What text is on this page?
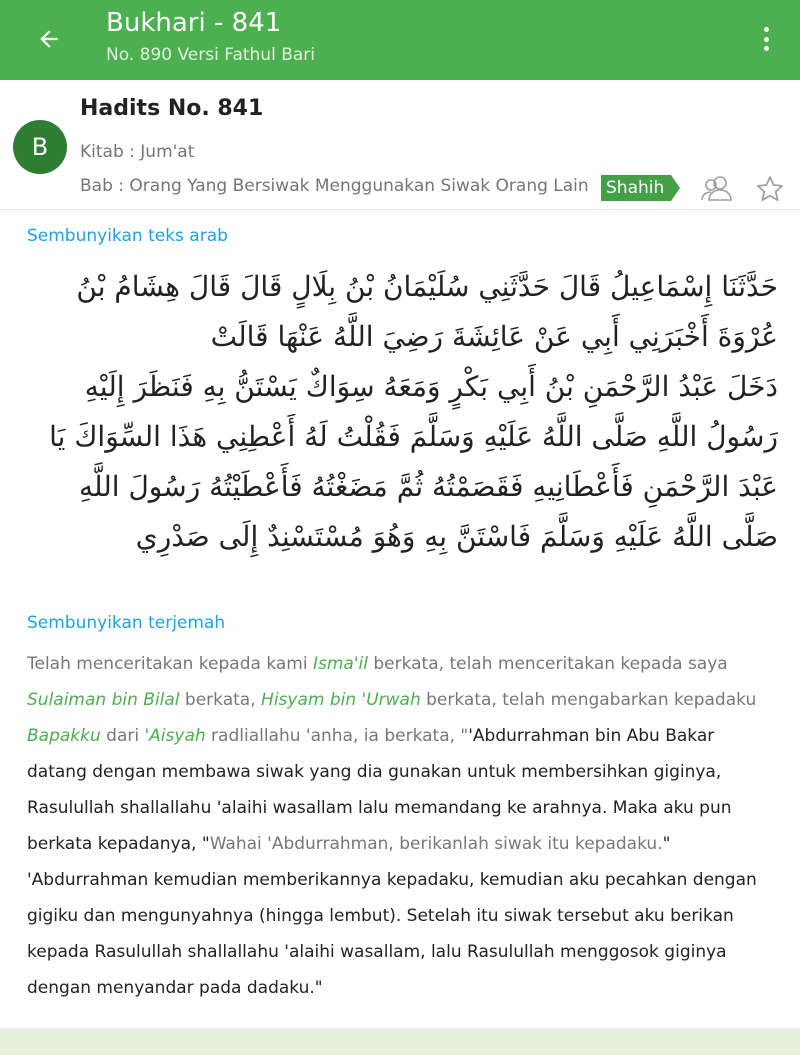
Bukhari - 841
No. 890 Versi Fathul Bari
B
Hadits No. 841
Kitab : Jum'at
Bab : Orang Yang Bersiwak Menggunakan Siwak Orang Lain Shahih
Sembunyikan teks arab
حَدَّثَنَا إِسْمَاعِيلُ قَالَ حَدَّثَنِي سُلَيْمَانُ بْنُ بِلَالٍ قَالَ قَالَ هِشَامُ بْنُ عُرْوَةَ أَخْبَرَنِي أَبِي عَنْ عَائِشَةَ رَضِيَ اللَّهُ عَنْهَا قَالَتْ
دَخَلَ عَبْدُ الرَّحْمَنِ بْنُ أَبِي بَكْرٍ وَمَعَهُ سِوَاكٌ يَسْتَنُّ بِهِ فَنَظَرَ إِلَيْهِ رَسُولُ اللَّهِ صَلَّى اللَّهُ عَلَيْهِ وَسَلَّمَ فَقُلْتُ لَهُ أَعْطِنِي هَذَا السِّوَاكَ يَا عَبْدَ الرَّحْمَنِ فَأَعْطَانِيهِ فَقَصَمْتُهُ ثُمَّ مَضَغْتُهُ فَأَعْطَيْتُهُ رَسُولَ اللَّهِ صَلَّى اللَّهُ عَلَيْهِ وَسَلَّمَ فَاسْتَنَّ بِهِ وَهُوَ مُسْتَسْنِدٌ إِلَى صَدْرِي
Sembunyikan terjemah
Telah menceritakan kepada kami Isma'il berkata, telah menceritakan kepada saya Sulaiman bin Bilal berkata, Hisyam bin 'Urwah berkata, telah mengabarkan kepadaku Bapakku dari 'Aisyah radliallahu 'anha, ia berkata, "'Abdurrahman bin Abu Bakar datang dengan membawa siwak yang dia gunakan untuk membersihkan giginya, Rasulullah shallallahu 'alaihi wasallam lalu memandang ke arahnya. Maka aku pun berkata kepadanya, "Wahai 'Abdurrahman, berikanlah siwak itu kepadaku." 'Abdurrahman kemudian memberikannya kepadaku, kemudian aku pecahkan dengan gigiku dan mengunyahnya (hingga lembut). Setelah itu siwak tersebut aku berikan kepada Rasulullah shallallahu 'alaihi wasallam, lalu Rasulullah menggosok giginya dengan menyandar pada dadaku."
